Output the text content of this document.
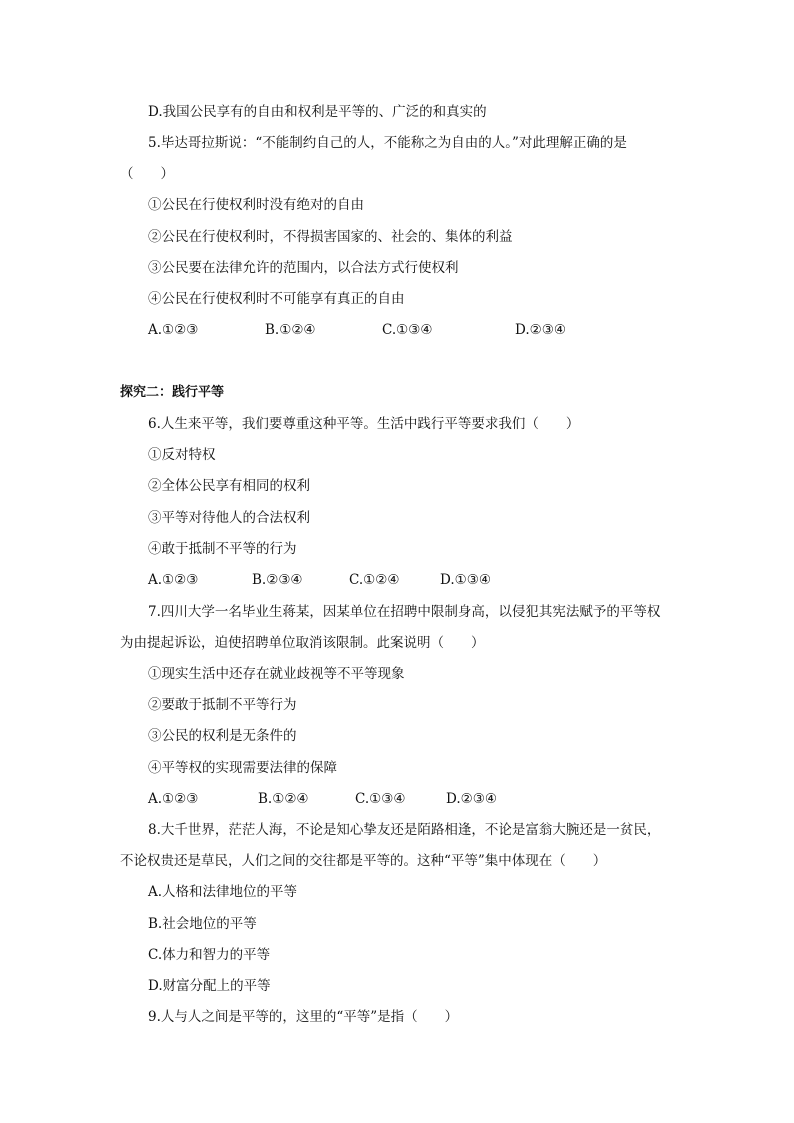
D.我国公民享有的自由和权利是平等的、广泛的和真实的
5.毕达哥拉斯说：“不能制约自己的人，不能称之为自由的人。”对此理解正确的是
（　　）
①公民在行使权利时没有绝对的自由
②公民在行使权利时，不得损害国家的、社会的、集体的利益
③公民要在法律允许的范围内，以合法方式行使权利
④公民在行使权利时不可能享有真正的自由
A.①②③	B.①②④	C.①③④	D.②③④
探究二：践行平等
6.人生来平等，我们要尊重这种平等。生活中践行平等要求我们（　　）
①反对特权
②全体公民享有相同的权利
③平等对待他人的合法权利
④敢于抵制不平等的行为
A.①②③	B.②③④	C.①②④	D.①③④
7.四川大学一名毕业生蒋某，因某单位在招聘中限制身高，以侵犯其宪法赋予的平等权
为由提起诉讼，迫使招聘单位取消该限制。此案说明（　　）
①现实生活中还存在就业歧视等不平等现象
②要敢于抵制不平等行为
③公民的权利是无条件的
④平等权的实现需要法律的保障
A.①②③	B.①②④	C.①③④	D.②③④
8.大千世界，茫茫人海，不论是知心挚友还是陌路相逢，不论是富翁大腕还是一贫民，
不论权贵还是草民，人们之间的交往都是平等的。这种“平等”集中体现在（　　）
A.人格和法律地位的平等
B.社会地位的平等
C.体力和智力的平等
D.财富分配上的平等
9.人与人之间是平等的，这里的“平等”是指（　　）
